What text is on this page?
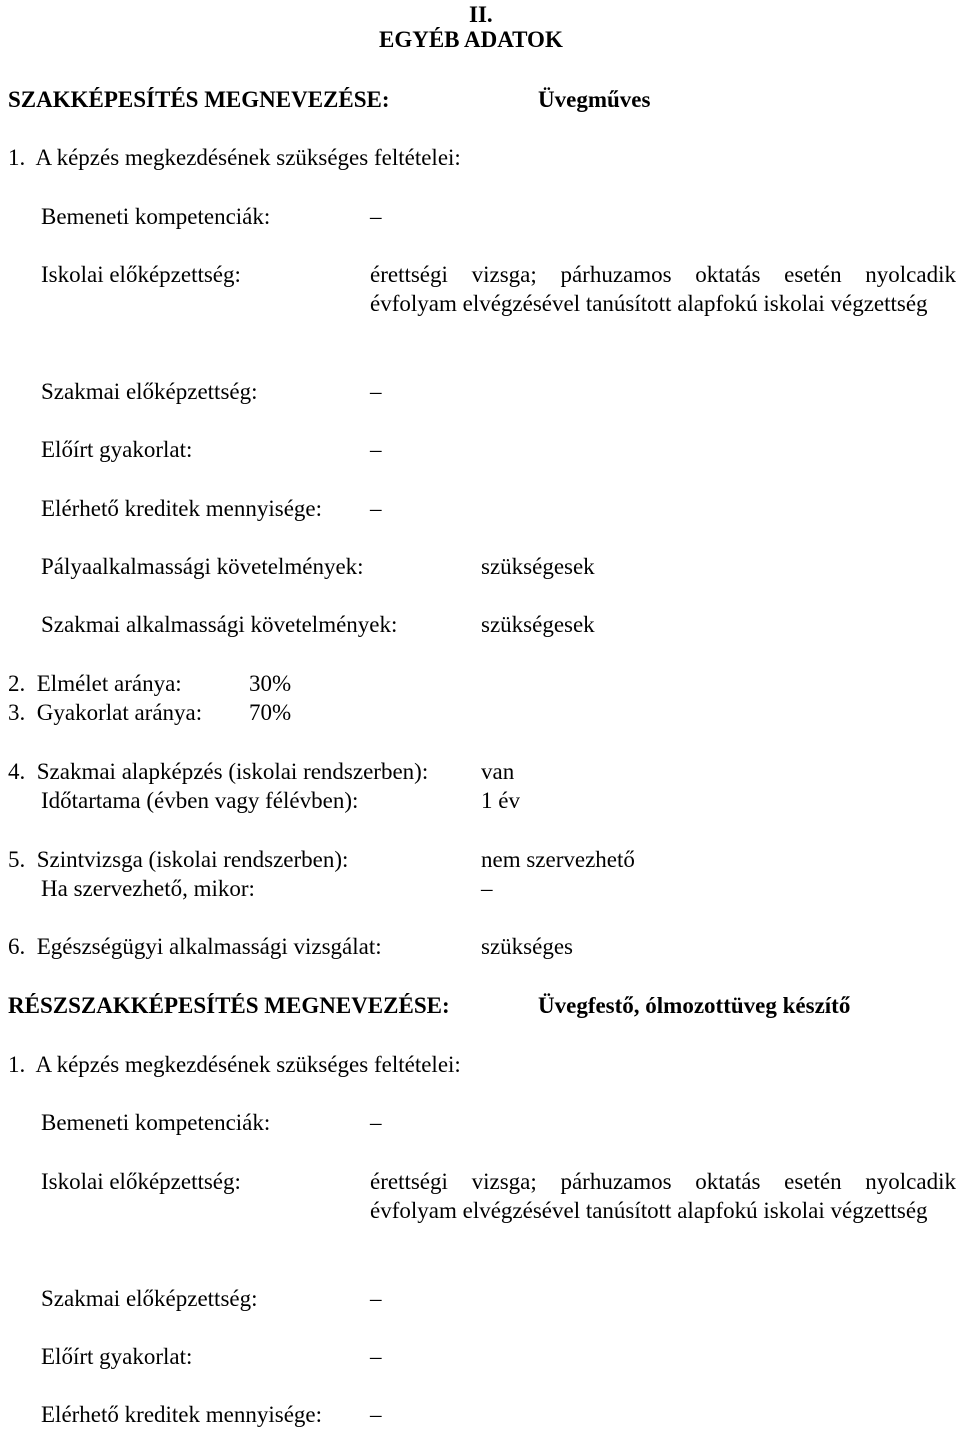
II.
EGYÉB ADATOK
SZAKKÉPESÍTÉS MEGNEVEZÉSE:	Üvegműves
1.  A képzés megkezdésének szükséges feltételei:
Bemeneti kompetenciák:	–
Iskolai előképzettség:	érettségi vizsga; párhuzamos oktatás esetén nyolcadik évfolyam elvégzésével tanúsított alapfokú iskolai végzettség
Szakmai előképzettség:	–
Előírt gyakorlat:	–
Elérhető kreditek mennyisége: –
Pályaalkalmassági követelmények:	szükségesek
Szakmai alkalmassági követelmények:	szükségesek
2.  Elmélet aránya:	30%
3.  Gyakorlat aránya: 70%
4.  Szakmai alapképzés (iskolai rendszerben): van
Időtartama (évben vagy félévben):	1 év
5.  Szintvizsga (iskolai rendszerben):	nem szervezhető
Ha szervezhető, mikor:	–
6.  Egészségügyi alkalmassági vizsgálat:	szükséges
RÉSZSZAKKÉPESÍTÉS MEGNEVEZÉSE:	Üvegfestő, ólmozottüveg készítő
1.  A képzés megkezdésének szükséges feltételei:
Bemeneti kompetenciák:	–
Iskolai előképzettség:	érettségi vizsga; párhuzamos oktatás esetén nyolcadik évfolyam elvégzésével tanúsított alapfokú iskolai végzettség
Szakmai előképzettség:	–
Előírt gyakorlat:	–
Elérhető kreditek mennyisége: –
